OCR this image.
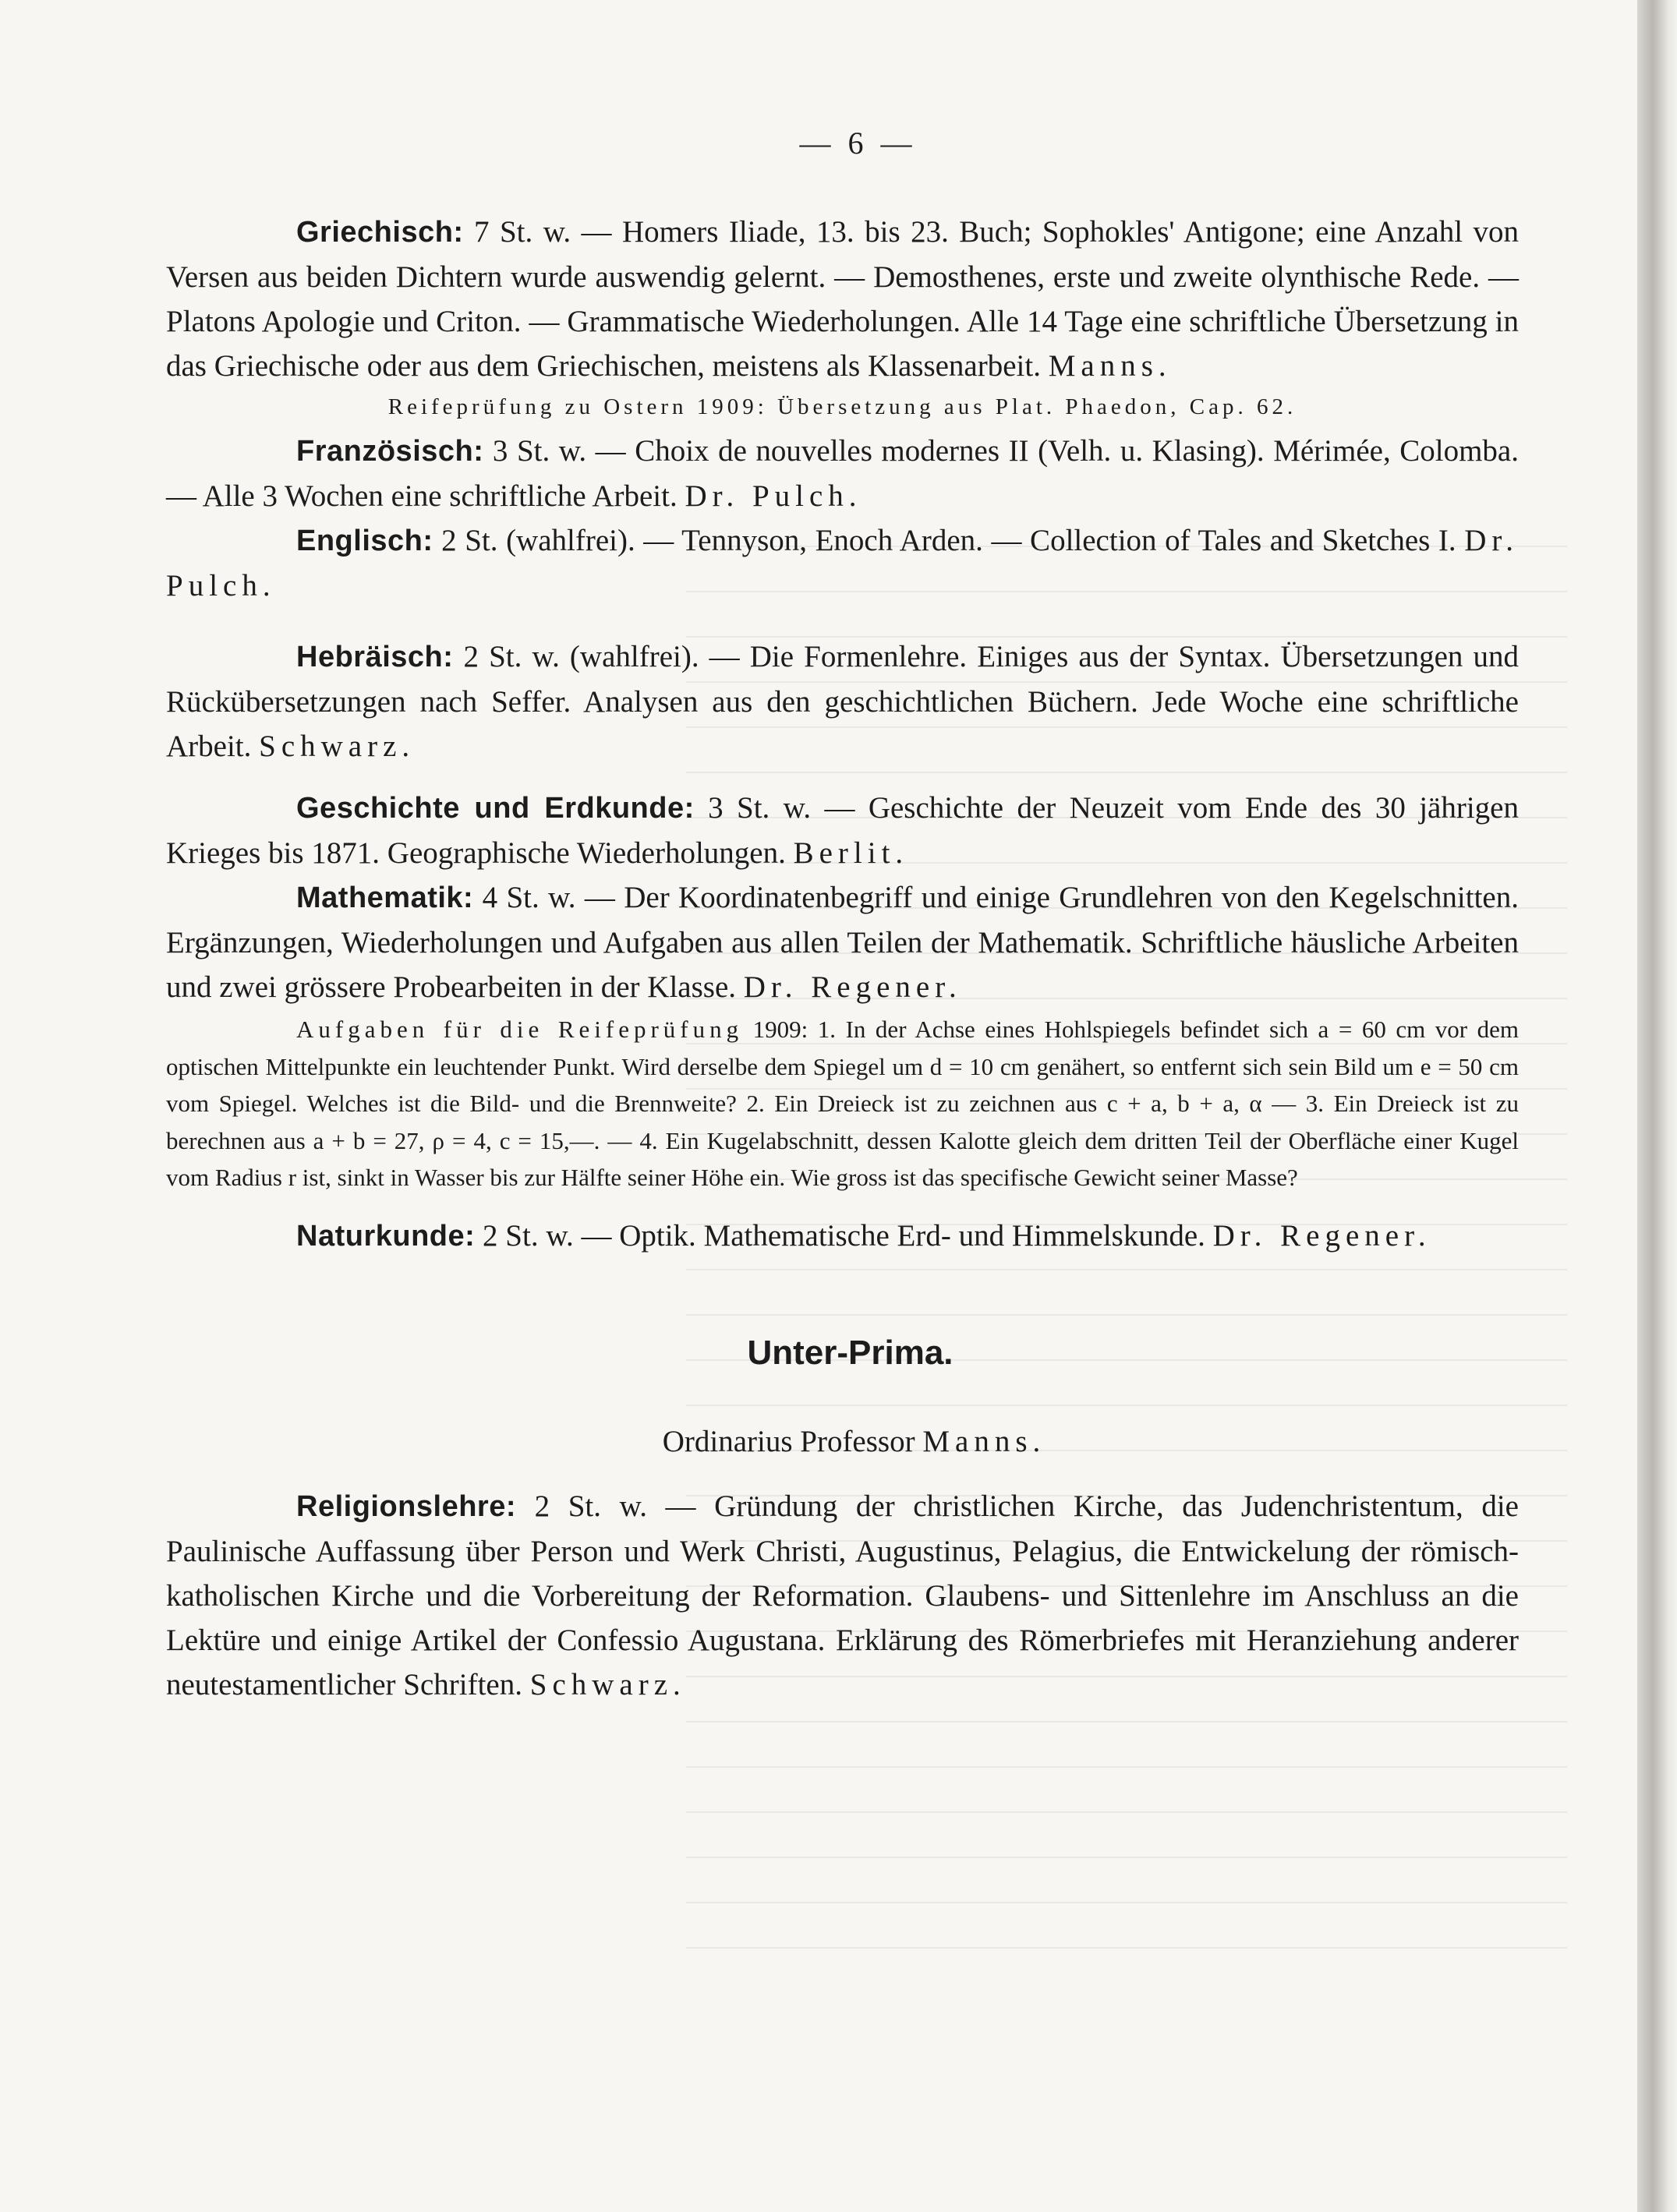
— 6 —

Griechisch: 7 St. w. — Homers Iliade, 13. bis 23. Buch; Sophokles' Antigone; eine Anzahl von Versen aus beiden Dichtern wurde auswendig gelernt. — Demosthenes, erste und zweite olynthische Rede. — Platons Apologie und Criton. — Grammatische Wiederholungen. Alle 14 Tage eine schriftliche Übersetzung in das Griechische oder aus dem Griechischen, meistens als Klassenarbeit. Manns.

Reifeprüfung zu Ostern 1909: Übersetzung aus Plat. Phaedon, Cap. 62.

Französisch: 3 St. w. — Choix de nouvelles modernes II (Velh. u. Klasing). Mérimée, Colomba. — Alle 3 Wochen eine schriftliche Arbeit. Dr. Pulch.

Englisch: 2 St. (wahlfrei). — Tennyson, Enoch Arden. — Collection of Tales and Sketches I. Dr. Pulch.

Hebräisch: 2 St. w. (wahlfrei). — Die Formenlehre. Einiges aus der Syntax. Übersetzungen und Rückübersetzungen nach Seffer. Analysen aus den geschichtlichen Büchern. Jede Woche eine schriftliche Arbeit. Schwarz.

Geschichte und Erdkunde: 3 St. w. — Geschichte der Neuzeit vom Ende des 30 jährigen Krieges bis 1871. Geographische Wiederholungen. Berlit.

Mathematik: 4 St. w. — Der Koordinatenbegriff und einige Grundlehren von den Kegelschnitten. Ergänzungen, Wiederholungen und Aufgaben aus allen Teilen der Mathematik. Schriftliche häusliche Arbeiten und zwei grössere Probearbeiten in der Klasse. Dr. Regener.

Aufgaben für die Reifeprüfung 1909: 1. In der Achse eines Hohlspiegels befindet sich a = 60 cm vor dem optischen Mittelpunkte ein leuchtender Punkt. Wird derselbe dem Spiegel um d = 10 cm genähert, so entfernt sich sein Bild um e = 50 cm vom Spiegel. Welches ist die Bild- und die Brennweite? 2. Ein Dreieck ist zu zeichnen aus c + a, b + a, α — 3. Ein Dreieck ist zu berechnen aus a + b = 27, ρ = 4, c = 15,—. — 4. Ein Kugelabschnitt, dessen Kalotte gleich dem dritten Teil der Oberfläche einer Kugel vom Radius r ist, sinkt in Wasser bis zur Hälfte seiner Höhe ein. Wie gross ist das specifische Gewicht seiner Masse?

Naturkunde: 2 St. w. — Optik. Mathematische Erd- und Himmelskunde. Dr. Regener.

Unter-Prima.

Ordinarius Professor Manns.

Religionslehre: 2 St. w. — Gründung der christlichen Kirche, das Judenchristentum, die Paulinische Auffassung über Person und Werk Christi, Augustinus, Pelagius, die Entwickelung der römisch-katholischen Kirche und die Vorbereitung der Reformation. Glaubens- und Sittenlehre im Anschluss an die Lektüre und einige Artikel der Confessio Augustana. Erklärung des Römerbriefes mit Heranziehung anderer neutestamentlicher Schriften. Schwarz.
